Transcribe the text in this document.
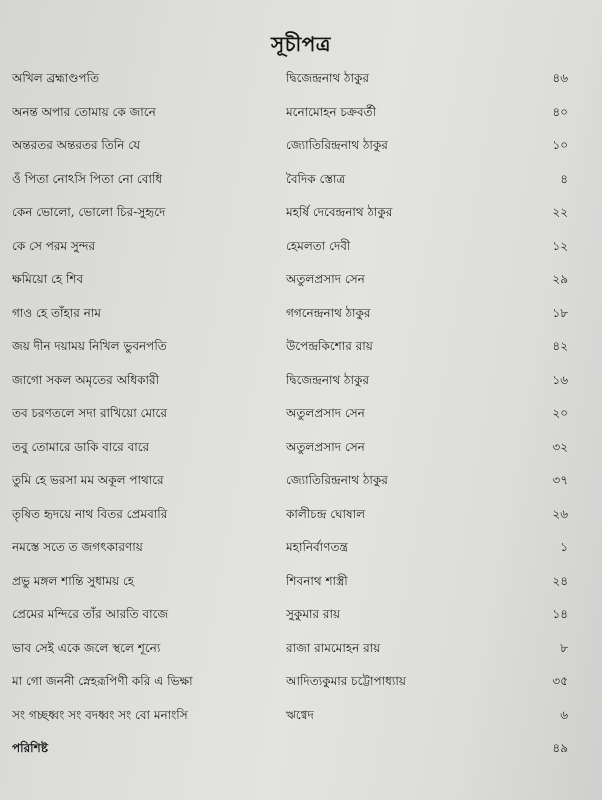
সূচীপত্র
অখিল ব্রহ্মাণ্ডপতি	দ্বিজেন্দ্রনাথ ঠাকুর	৪৬
অনন্ত অপার তোমায় কে জানে	মনোমোহন চক্রবর্তী	৪০
অন্তরতর অন্তরতর তিনি যে	জ্যোতিরিন্দ্রনাথ ঠাকুর	১০
ওঁ পিতা নোঽসি পিতা নো বোধি	বৈদিক স্তোত্র	৪
কেন ভোলো, ভোলো চির-সুহৃদে	মহর্ষি দেবেন্দ্রনাথ ঠাকুর	২২
কে সে পরম সুন্দর	হেমলতা দেবী	১২
ক্ষমিয়ো হে শিব	অতুলপ্রসাদ সেন	২৯
গাও হে তাঁহার নাম	গগনেন্দ্রনাথ ঠাকুর	১৮
জয় দীন দয়াময় নিখিল ভুবনপতি	উপেন্দ্রকিশোর রায়	৪২
জাগো সকল অমৃতের অধিকারী	দ্বিজেন্দ্রনাথ ঠাকুর	১৬
তব চরণতলে সদা রাখিয়ো মোরে	অতুলপ্রসাদ সেন	২০
তবু তোমারে ডাকি বারে বারে	অতুলপ্রসাদ সেন	৩২
তুমি হে ভরসা মম অকূল পাথারে	জ্যোতিরিন্দ্রনাথ ঠাকুর	৩৭
তৃষিত হৃদয়ে নাথ বিতর প্রেমবারি	কালীচন্দ্র ঘোষাল	২৬
নমস্তে সতে ত জগৎকারণায়	মহানির্বাণতন্ত্র	১
প্রভু মঙ্গল শান্তি সুধাময় হে	শিবনাথ শাস্ত্রী	২৪
প্রেমের মন্দিরে তাঁর আরতি বাজে	সুকুমার রায়	১৪
ভাব সেই একে জলে স্থলে শূন্যে	রাজা রামমোহন রায়	৮
মা গো জননী স্নেহরূপিণী করি এ ভিক্ষা	আদিত্যকুমার চট্টোপাধ্যায়	৩৫
সং গচ্ছধ্বং সং বদধ্বং সং বো মনাংসি	ঋগ্বেদ	৬
পরিশিষ্ট	৪৯
